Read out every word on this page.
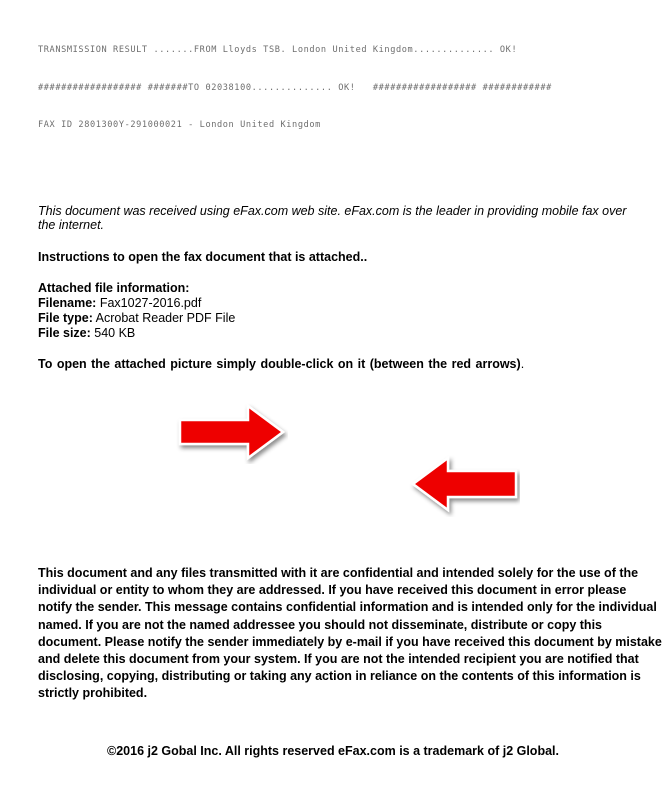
TRANSMISSION RESULT .......FROM Lloyds TSB. London United Kingdom.............. OK!

################## #######TO 02038100.............. OK!   ################## ############

FAX ID 2801300Y-291000021 - London United Kingdom

This document was received using eFax.com web site. eFax.com is the leader in providing mobile fax over the internet.
Instructions to open the fax document that is attached..
Attached file information:
Filename: Fax1027-2016.pdf
File type: Acrobat Reader PDF File
File size: 540 KB
To open the attached picture simply double-click on it (between the red arrows).
This document and any files transmitted with it are confidential and intended solely for the use of the individual or entity to whom they are addressed. If you have received this document in error please notify the sender. This message contains confidential information and is intended only for the individual named. If you are not the named addressee you should not disseminate, distribute or copy this document. Please notify the sender immediately by e-mail if you have received this document by mistake and delete this document from your system. If you are not the intended recipient you are notified that disclosing, copying, distributing or taking any action in reliance on the contents of this information is strictly prohibited.
©2016 j2 Gobal Inc. All rights reserved eFax.com is a trademark of j2 Global.
